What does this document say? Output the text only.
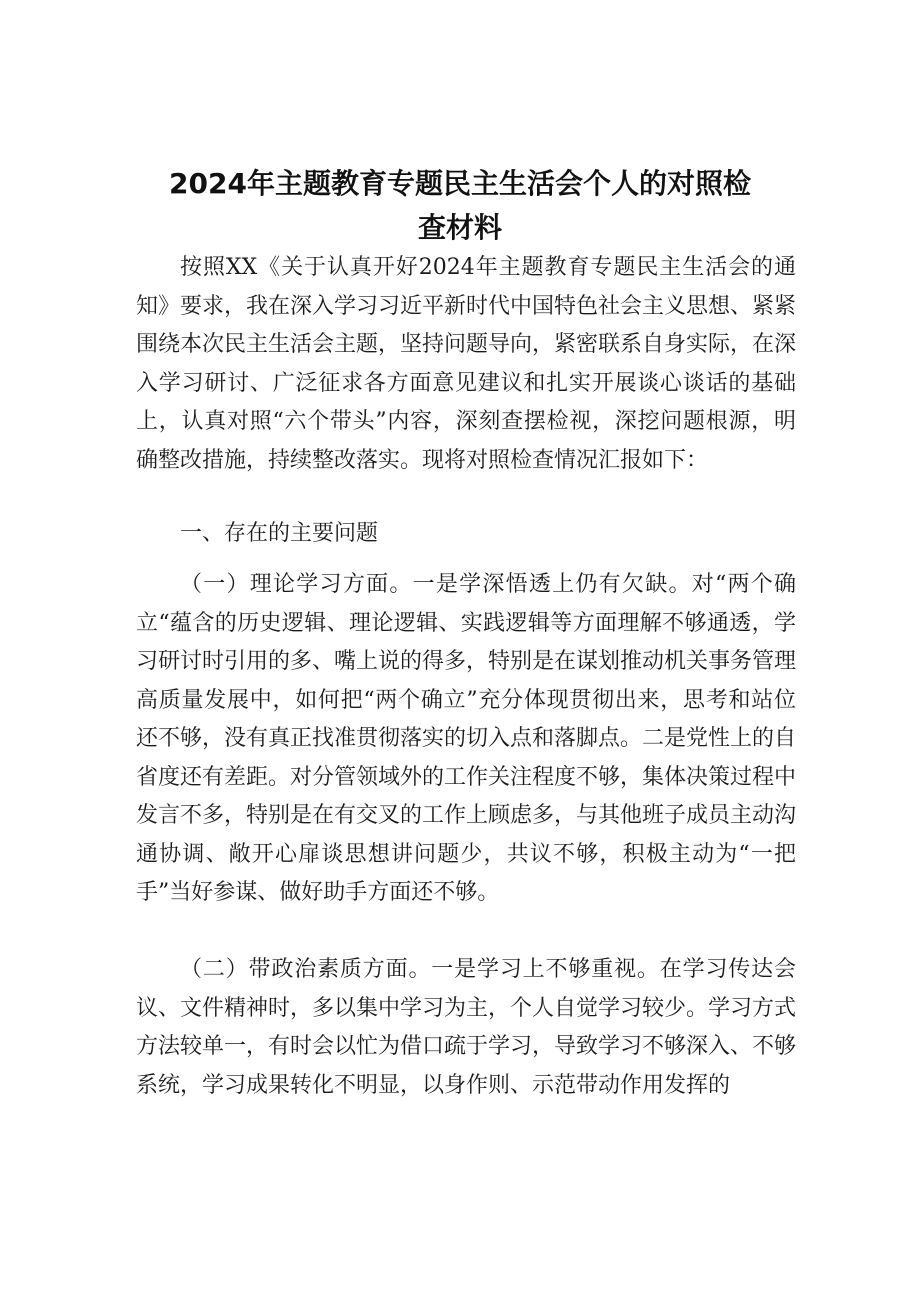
2024年主题教育专题民主生活会个人的对照检
查材料

按照XX《关于认真开好2024年主题教育专题民主生活会的通知》要求，我在深入学习习近平新时代中国特色社会主义思想、紧紧围绕本次民主生活会主题，坚持问题导向，紧密联系自身实际，在深入学习研讨、广泛征求各方面意见建议和扎实开展谈心谈话的基础上，认真对照“六个带头”内容，深刻查摆检视，深挖问题根源，明确整改措施，持续整改落实。现将对照检查情况汇报如下：

一、存在的主要问题

（一）理论学习方面。一是学深悟透上仍有欠缺。对“两个确立“蕴含的历史逻辑、理论逻辑、实践逻辑等方面理解不够通透，学习研讨时引用的多、嘴上说的得多，特别是在谋划推动机关事务管理高质量发展中，如何把“两个确立”充分体现贯彻出来，思考和站位还不够，没有真正找准贯彻落实的切入点和落脚点。二是党性上的自省度还有差距。对分管领域外的工作关注程度不够，集体决策过程中发言不多，特别是在有交叉的工作上顾虑多，与其他班子成员主动沟通协调、敞开心扉谈思想讲问题少，共议不够，积极主动为“一把手”当好参谋、做好助手方面还不够。

（二）带政治素质方面。一是学习上不够重视。在学习传达会议、文件精神时，多以集中学习为主，个人自觉学习较少。学习方式方法较单一，有时会以忙为借口疏于学习，导致学习不够深入、不够系统，学习成果转化不明显，以身作则、示范带动作用发挥的
